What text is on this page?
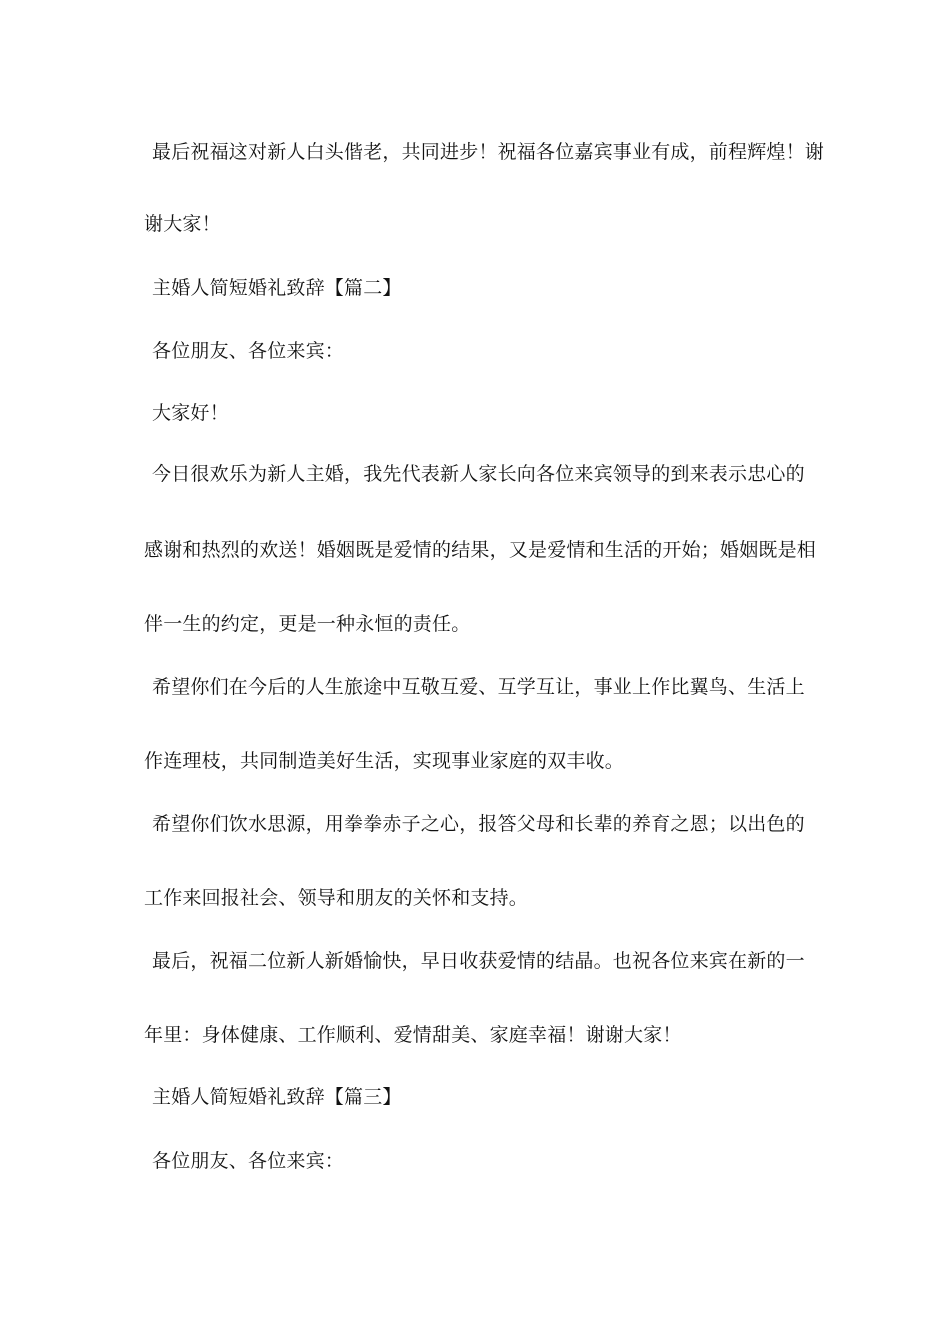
最后祝福这对新人白头偕老，共同进步！祝福各位嘉宾事业有成，前程辉煌！谢
谢大家！
主婚人简短婚礼致辞【篇二】
各位朋友、各位来宾：
大家好！
今日很欢乐为新人主婚，我先代表新人家长向各位来宾领导的到来表示忠心的
感谢和热烈的欢送！婚姻既是爱情的结果，又是爱情和生活的开始；婚姻既是相
伴一生的约定，更是一种永恒的责任。
希望你们在今后的人生旅途中互敬互爱、互学互让，事业上作比翼鸟、生活上
作连理枝，共同制造美好生活，实现事业家庭的双丰收。
希望你们饮水思源，用拳拳赤子之心，报答父母和长辈的养育之恩；以出色的
工作来回报社会、领导和朋友的关怀和支持。
最后，祝福二位新人新婚愉快，早日收获爱情的结晶。也祝各位来宾在新的一
年里：身体健康、工作顺利、爱情甜美、家庭幸福！谢谢大家！
主婚人简短婚礼致辞【篇三】
各位朋友、各位来宾：
